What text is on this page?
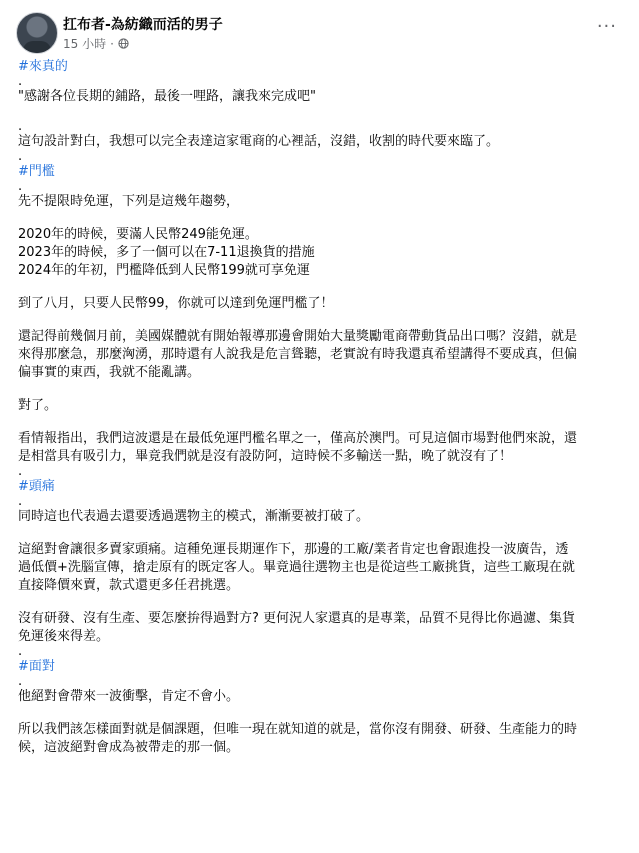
扛布者-為紡織而活的男子
15 小時 ·
···
#來真的
.
"感謝各位長期的鋪路，最後一哩路，讓我來完成吧"
.
這句設計對白，我想可以完全表達這家電商的心裡話，沒錯，收割的時代要來臨了。
.
#門檻
.
先不提限時免運，下列是這幾年趨勢，
2020年的時候，要滿人民幣249能免運。
2023年的時候，多了一個可以在7-11退換貨的措施
2024年的年初，門檻降低到人民幣199就可享免運
到了八月，只要人民幣99，你就可以達到免運門檻了！
還記得前幾個月前，美國媒體就有開始報導那邊會開始大量獎勵電商帶動貨品出口嗎？沒錯，就是
來得那麼急，那麼洶湧，那時還有人說我是危言聳聽，老實說有時我還真希望講得不要成真，但偏
偏事實的東西，我就不能亂講。
對了。
看情報指出，我們這波還是在最低免運門檻名單之一，僅高於澳門。可見這個市場對他們來說，還
是相當具有吸引力，畢竟我們就是沒有設防阿，這時候不多輸送一點，晚了就沒有了！
.
#頭痛
.
同時這也代表過去還要透過選物主的模式，漸漸要被打破了。
這絕對會讓很多賣家頭痛。這種免運長期運作下，那邊的工廠/業者肯定也會跟進投一波廣告，透
過低價+洗腦宣傳，搶走原有的既定客人。畢竟過往選物主也是從這些工廠挑貨，這些工廠現在就
直接降價來賣，款式還更多任君挑選。
沒有研發、沒有生產、要怎麼拚得過對方? 更何況人家還真的是專業，品質不見得比你過濾、集貨
免運後來得差。
.
#面對
.
他絕對會帶來一波衝擊，肯定不會小。
所以我們該怎樣面對就是個課題，但唯一現在就知道的就是，當你沒有開發、研發、生產能力的時
候，這波絕對會成為被帶走的那一個。
